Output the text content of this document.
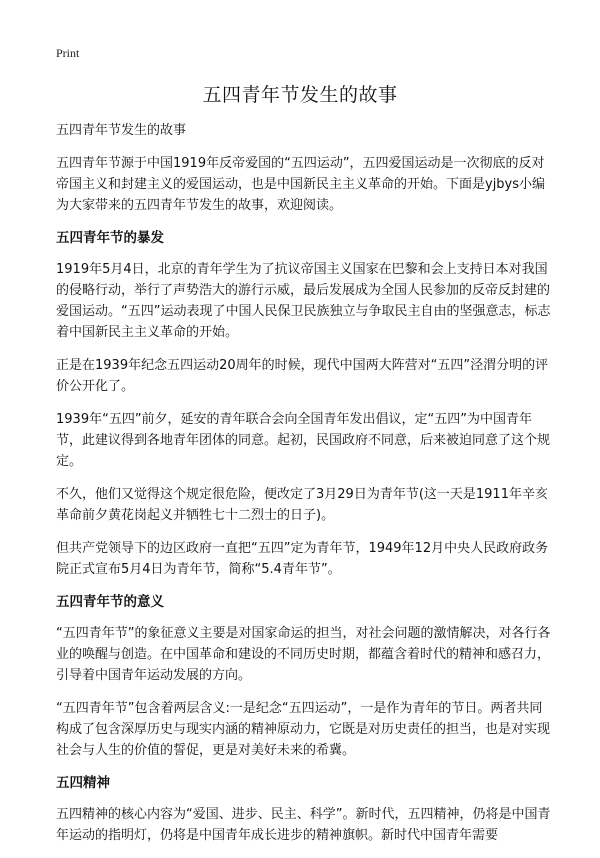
Print
五四青年节发生的故事

五四青年节发生的故事

五四青年节源于中国1919年反帝爱国的“五四运动”，五四爱国运动是一次彻底的反对帝国主义和封建主义的爱国运动，也是中国新民主主义革命的开始。下面是yjbys小编为大家带来的五四青年节发生的故事，欢迎阅读。

五四青年节的暴发

1919年5月4日，北京的青年学生为了抗议帝国主义国家在巴黎和会上支持日本对我国的侵略行动，举行了声势浩大的游行示威，最后发展成为全国人民参加的反帝反封建的爱国运动。“五四”运动表现了中国人民保卫民族独立与争取民主自由的坚强意志，标志着中国新民主主义革命的开始。

正是在1939年纪念五四运动20周年的时候，现代中国两大阵营对“五四”泾渭分明的评价公开化了。

1939年“五四”前夕，延安的青年联合会向全国青年发出倡议，定“五四”为中国青年节，此建议得到各地青年团体的同意。起初，民国政府不同意，后来被迫同意了这个规定。

不久，他们又觉得这个规定很危险，便改定了3月29日为青年节(这一天是1911年辛亥革命前夕黄花岗起义并牺牲七十二烈士的日子)。

但共产党领导下的边区政府一直把“五四”定为青年节，1949年12月中央人民政府政务院正式宣布5月4日为青年节，简称“5.4青年节”。

五四青年节的意义

“五四青年节”的象征意义主要是对国家命运的担当，对社会问题的激情解决，对各行各业的唤醒与创造。在中国革命和建设的不同历史时期，都蕴含着时代的精神和感召力，引导着中国青年运动发展的方向。

“五四青年节”包含着两层含义:一是纪念“五四运动”，一是作为青年的节日。两者共同构成了包含深厚历史与现实内涵的精神原动力，它既是对历史责任的担当，也是对实现社会与人生的价值的誓促，更是对美好未来的希冀。

五四精神

五四精神的核心内容为“爱国、进步、民主、科学”。新时代，五四精神，仍将是中国青年运动的指明灯，仍将是中国青年成长进步的精神旗帜。新时代中国青年需要
